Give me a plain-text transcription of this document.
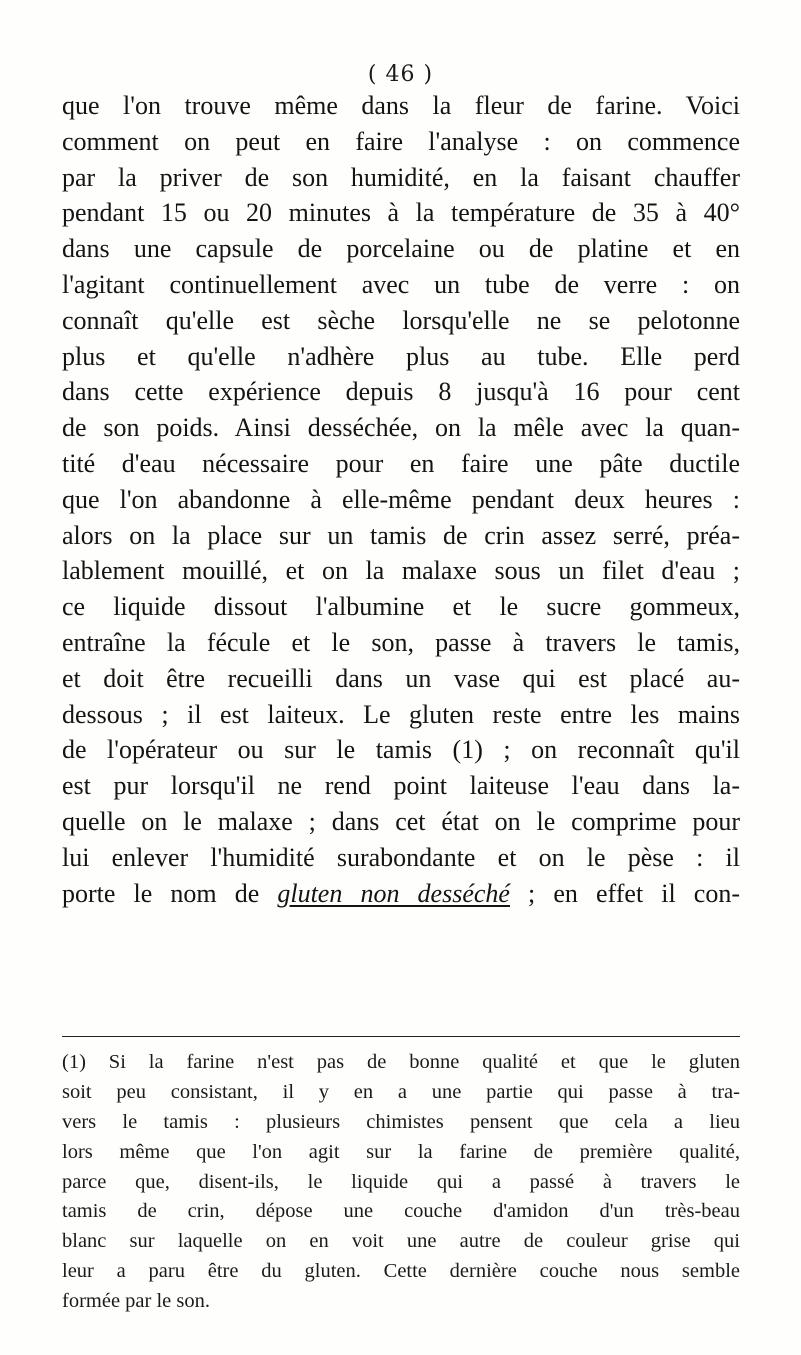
( 46 )
que l'on trouve même dans la fleur de farine. Voici
comment on peut en faire l'analyse : on commence
par la priver de son humidité, en la faisant chauffer
pendant 15 ou 20 minutes à la température de 35 à 40°
dans une capsule de porcelaine ou de platine et en
l'agitant continuellement avec un tube de verre : on
connaît qu'elle est sèche lorsqu'elle ne se pelotonne
plus et qu'elle n'adhère plus au tube. Elle perd
dans cette expérience depuis 8 jusqu'à 16 pour cent
de son poids. Ainsi desséchée, on la mêle avec la quan-
tité d'eau nécessaire pour en faire une pâte ductile
que l'on abandonne à elle-même pendant deux heures :
alors on la place sur un tamis de crin assez serré, préa-
lablement mouillé, et on la malaxe sous un filet d'eau ;
ce liquide dissout l'albumine et le sucre gommeux,
entraîne la fécule et le son, passe à travers le tamis,
et doit être recueilli dans un vase qui est placé au-
dessous ; il est laiteux. Le gluten reste entre les mains
de l'opérateur ou sur le tamis (1) ; on reconnaît qu'il
est pur lorsqu'il ne rend point laiteuse l'eau dans la-
quelle on le malaxe ; dans cet état on le comprime pour
lui enlever l'humidité surabondante et on le pèse : il
porte le nom de gluten non desséché ; en effet il con-
(1) Si la farine n'est pas de bonne qualité et que le gluten
soit peu consistant, il y en a une partie qui passe à tra-
vers le tamis : plusieurs chimistes pensent que cela a lieu
lors même que l'on agit sur la farine de première qualité,
parce que, disent-ils, le liquide qui a passé à travers le
tamis de crin, dépose une couche d'amidon d'un très-beau
blanc sur laquelle on en voit une autre de couleur grise qui
leur a paru être du gluten. Cette dernière couche nous semble
formée par le son.
